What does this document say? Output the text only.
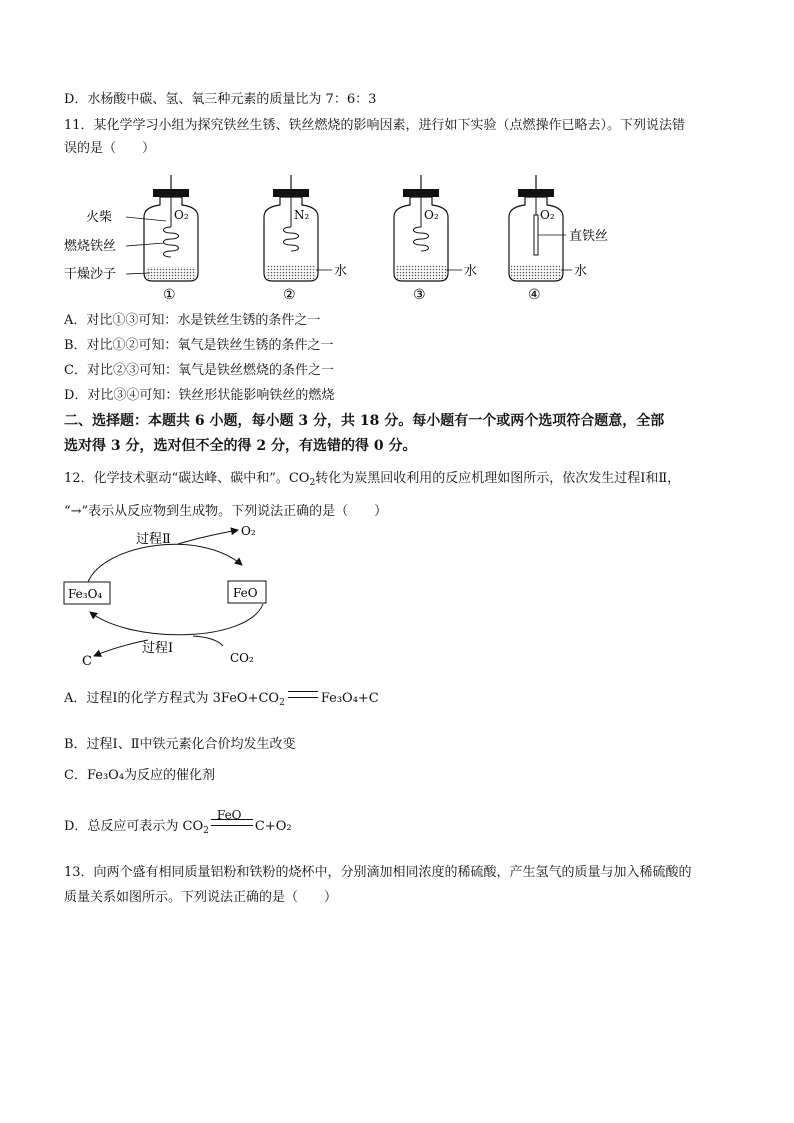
D．水杨酸中碳、氢、氧三种元素的质量比为 7：6：3
11．某化学学习小组为探究铁丝生锈、铁丝燃烧的影响因素，进行如下实验（点燃操作已略去）。下列说法错
误的是（　　）
O₂
火柴
燃烧铁丝
干燥沙子
①
N₂
水
②
O₂
水
③
O₂
直铁丝
水
④
A．对比①③可知：水是铁丝生锈的条件之一
B．对比①②可知：氧气是铁丝生锈的条件之一
C．对比②③可知：氧气是铁丝燃烧的条件之一
D．对比③④可知：铁丝形状能影响铁丝的燃烧
二、选择题：本题共 6 小题，每小题 3 分，共 18 分。每小题有一个或两个选项符合题意，全部
选对得 3 分，选对但不全的得 2 分，有选错的得 0 分。
12．化学技术驱动“碳达峰、碳中和”。$CO_2$转化为炭黑回收利用的反应机理如图所示，依次发生过程Ⅰ和Ⅱ，
“→”表示从反应物到生成物。下列说法正确的是（　　）
Fe₃O₄	FeO
过程Ⅱ
O₂
过程Ⅰ
C	CO₂
A．过程Ⅰ的化学方程式为 $3FeO+CO_2$	Fe₃O₄+C
B．过程Ⅰ、Ⅱ中铁元素化合价均发生改变
C．Fe₃O₄为反应的催化剂
D．总反应可表示为 $CO_2$
FeO
C+O₂
13．向两个盛有相同质量铝粉和铁粉的烧杯中，分别滴加相同浓度的稀硫酸，产生氢气的质量与加入稀硫酸的
质量关系如图所示。下列说法正确的是（　　）
